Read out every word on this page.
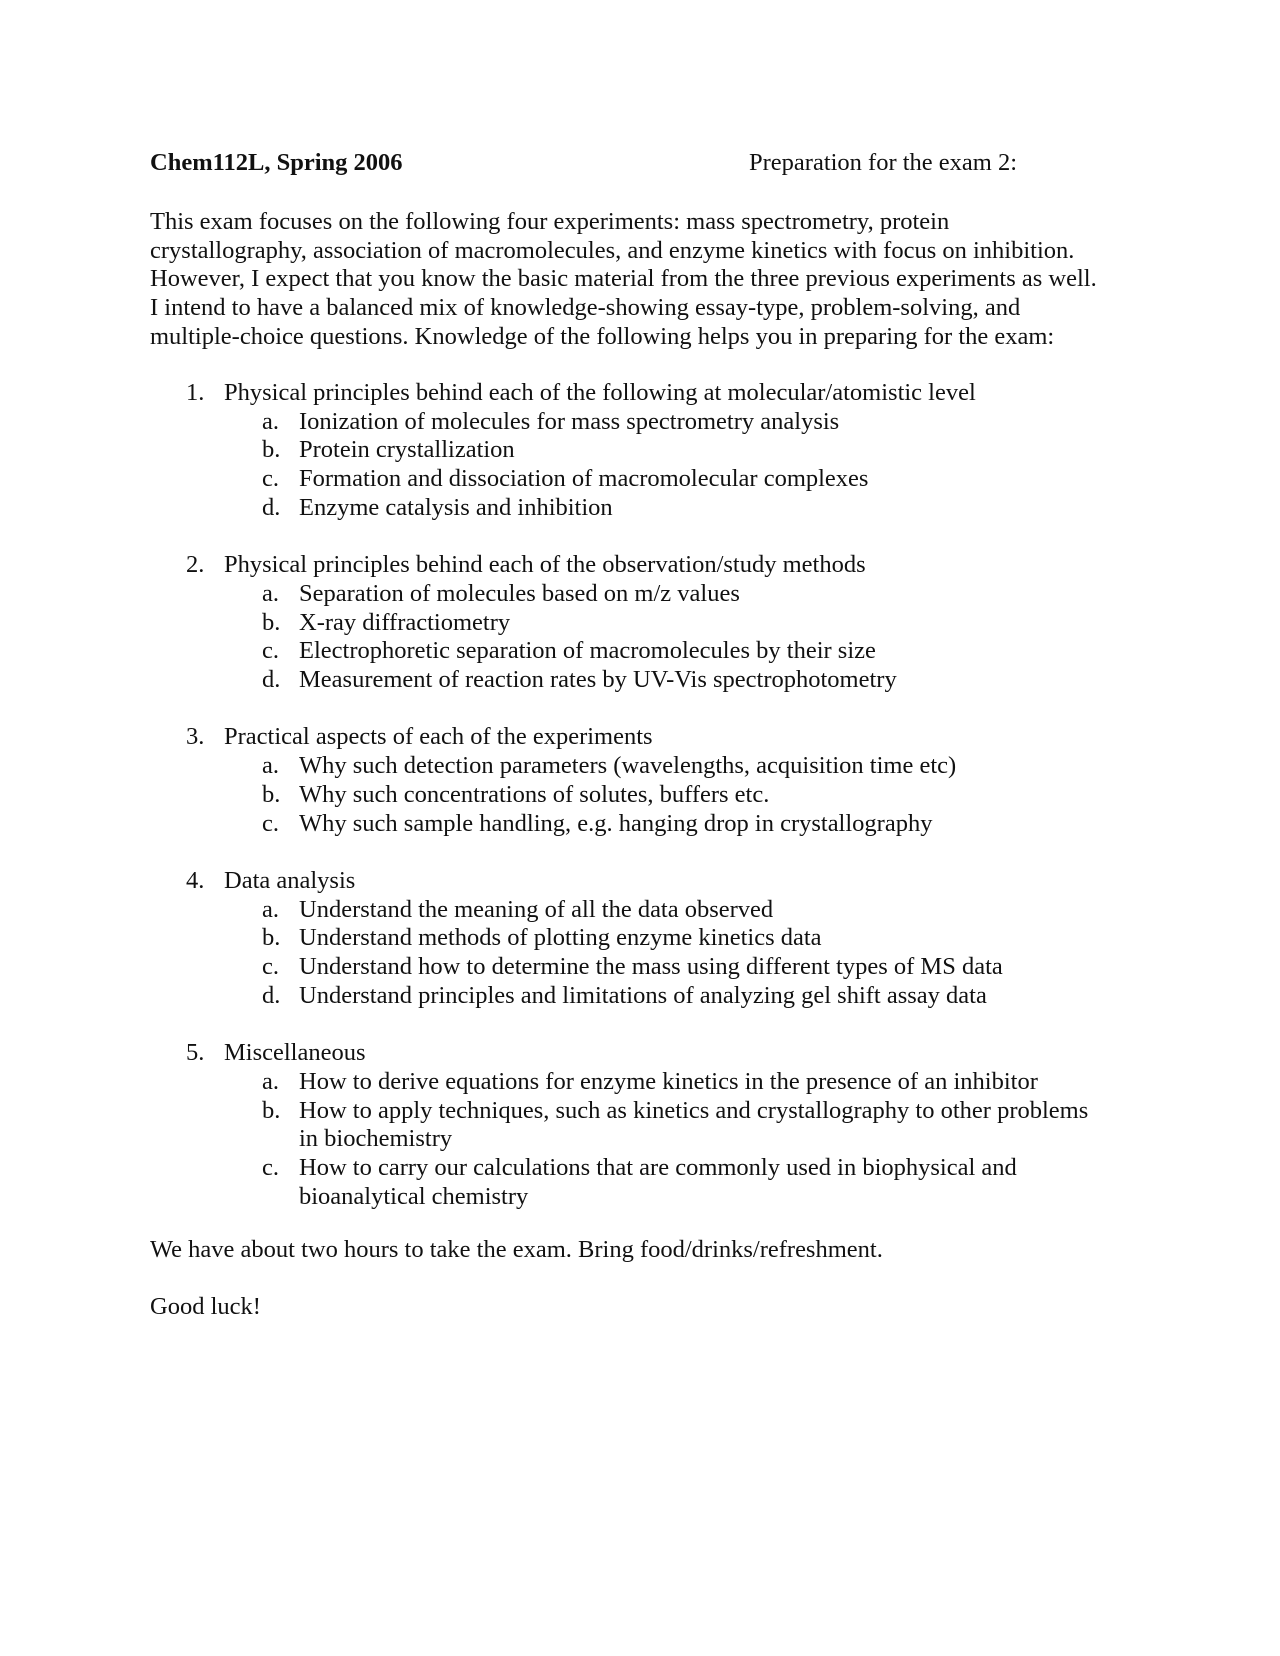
Chem112L, Spring 2006	Preparation for the exam 2:
This exam focuses on the following four experiments: mass spectrometry, protein
crystallography, association of macromolecules, and enzyme kinetics with focus on inhibition.
However, I expect that you know the basic material from the three previous experiments as well.
I intend to have a balanced mix of knowledge-showing essay-type, problem-solving, and
multiple-choice questions. Knowledge of the following helps you in preparing for the exam:
1. Physical principles behind each of the following at molecular/atomistic level
a. Ionization of molecules for mass spectrometry analysis
b. Protein crystallization
c. Formation and dissociation of macromolecular complexes
d. Enzyme catalysis and inhibition
2. Physical principles behind each of the observation/study methods
a. Separation of molecules based on m/z values
b. X-ray diffractiometry
c. Electrophoretic separation of macromolecules by their size
d. Measurement of reaction rates by UV-Vis spectrophotometry
3. Practical aspects of each of the experiments
a. Why such detection parameters (wavelengths, acquisition time etc)
b. Why such concentrations of solutes, buffers etc.
c. Why such sample handling, e.g. hanging drop in crystallography
4. Data analysis
a. Understand the meaning of all the data observed
b. Understand methods of plotting enzyme kinetics data
c. Understand how to determine the mass using different types of MS data
d. Understand principles and limitations of analyzing gel shift assay data
5. Miscellaneous
a. How to derive equations for enzyme kinetics in the presence of an inhibitor
b. How to apply techniques, such as kinetics and crystallography to other problems
in biochemistry
c. How to carry our calculations that are commonly used in biophysical and
bioanalytical chemistry
We have about two hours to take the exam. Bring food/drinks/refreshment.
Good luck!
